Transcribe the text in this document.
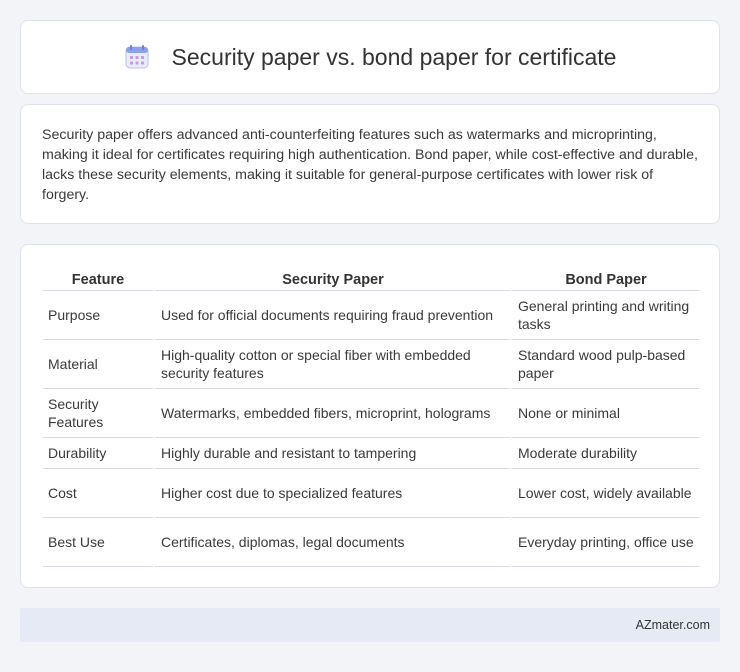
Security paper vs. bond paper for certificate

Security paper offers advanced anti-counterfeiting features such as watermarks and microprinting, making it ideal for certificates requiring high authentication. Bond paper, while cost-effective and durable, lacks these security elements, making it suitable for general-purpose certificates with lower risk of forgery.

Feature	Security Paper	Bond Paper
Purpose	Used for official documents requiring fraud prevention	General printing and writing tasks
Material	High-quality cotton or special fiber with embedded security features	Standard wood pulp-based paper
Security Features	Watermarks, embedded fibers, microprint, holograms	None or minimal
Durability	Highly durable and resistant to tampering	Moderate durability
Cost	Higher cost due to specialized features	Lower cost, widely available
Best Use	Certificates, diplomas, legal documents	Everyday printing, office use
AZmater.com
